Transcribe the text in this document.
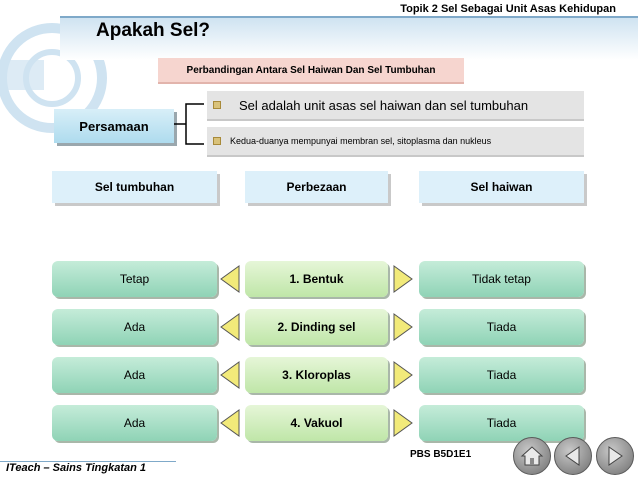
Topik 2 Sel Sebagai Unit Asas Kehidupan
Apakah Sel?
Perbandingan Antara Sel Haiwan Dan Sel Tumbuhan
Persamaan
Sel adalah unit asas sel haiwan dan sel tumbuhan
Kedua-duanya mempunyai membran sel, sitoplasma dan nukleus
Sel tumbuhan	Perbezaan	Sel haiwan
Tetap	1. Bentuk	Tidak tetap
Ada	2. Dinding sel	Tiada
Ada	3. Kloroplas	Tiada
Ada	4. Vakuol	Tiada
PBS B5D1E1
ITeach – Sains Tingkatan 1
